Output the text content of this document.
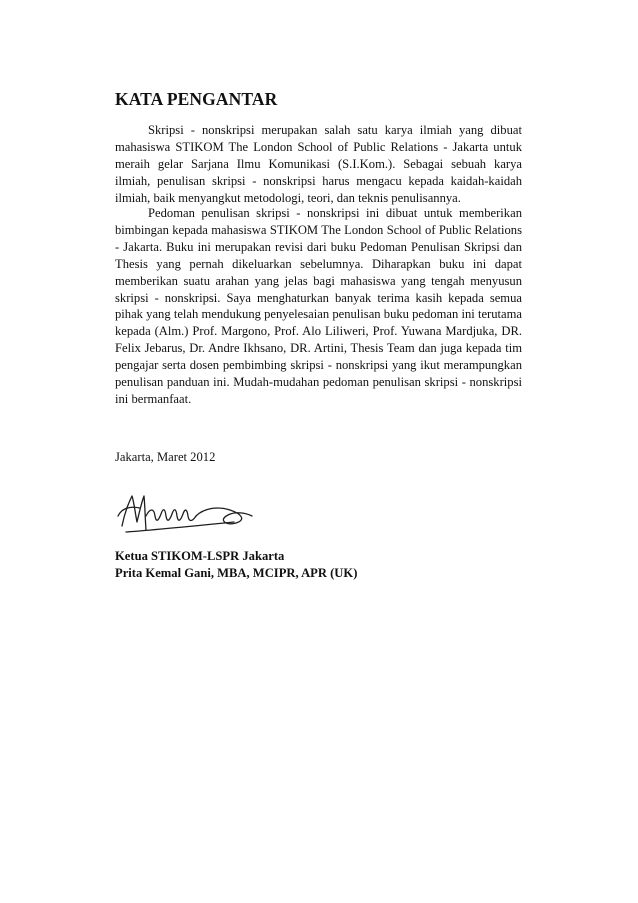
KATA PENGANTAR

Skripsi - nonskripsi merupakan salah satu karya ilmiah yang dibuat mahasiswa STIKOM The London School of Public Relations - Jakarta untuk meraih gelar Sarjana Ilmu Komunikasi (S.I.Kom.). Sebagai sebuah karya ilmiah, penulisan skripsi - nonskripsi harus mengacu kepada kaidah-kaidah ilmiah, baik menyangkut metodologi, teori, dan teknis penulisannya.

Pedoman penulisan skripsi - nonskripsi ini dibuat untuk memberikan bimbingan kepada mahasiswa STIKOM The London School of Public Relations - Jakarta. Buku ini merupakan revisi dari buku Pedoman Penulisan Skripsi dan Thesis yang pernah dikeluarkan sebelumnya. Diharapkan buku ini dapat memberikan suatu arahan yang jelas bagi mahasiswa yang tengah menyusun skripsi - nonskripsi. Saya menghaturkan banyak terima kasih kepada semua pihak yang telah mendukung penyelesaian penulisan buku pedoman ini terutama kepada (Alm.) Prof. Margono, Prof. Alo Liliweri, Prof. Yuwana Mardjuka, DR. Felix Jebarus, Dr. Andre Ikhsano, DR. Artini, Thesis Team dan juga kepada tim pengajar serta dosen pembimbing skripsi - nonskripsi yang ikut merampungkan penulisan panduan ini. Mudah-mudahan pedoman penulisan skripsi - nonskripsi ini bermanfaat.

Jakarta, Maret 2012

Ketua STIKOM-LSPR Jakarta
Prita Kemal Gani, MBA, MCIPR, APR (UK)
